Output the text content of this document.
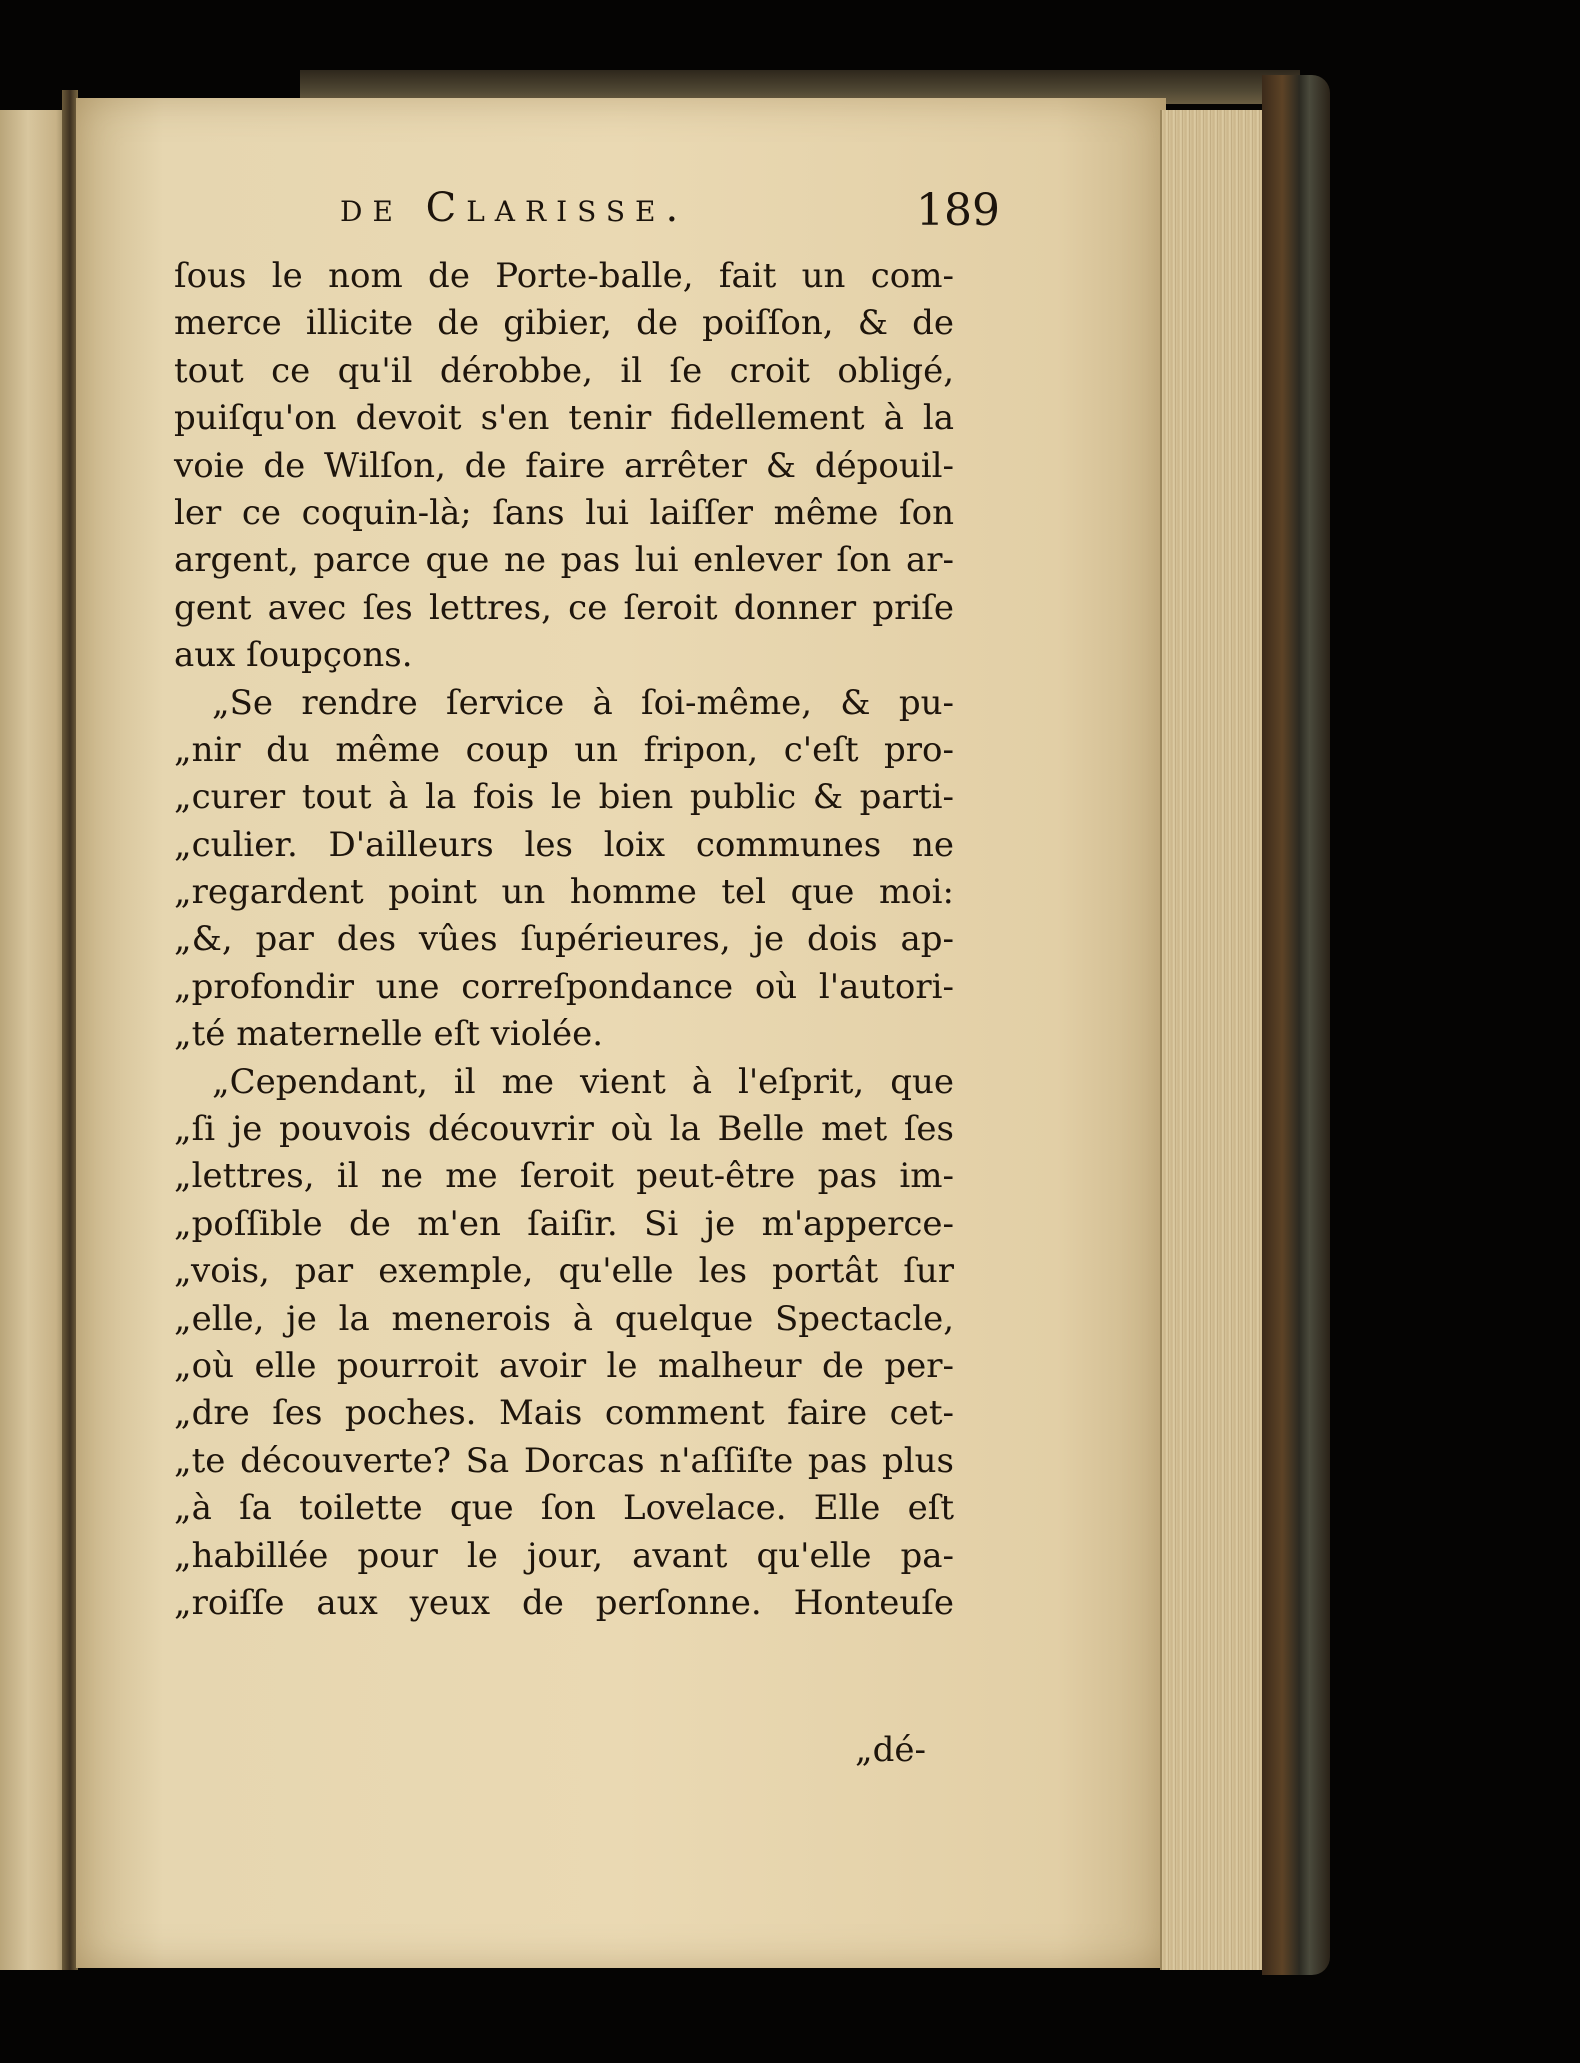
de Clarisse.	189
ſous le nom de Porte-balle, fait un com-
merce illicite de gibier, de poiſſon, & de
tout ce qu'il dérobbe, il ſe croit obligé,
puiſqu'on devoit s'en tenir fidellement à la
voie de Wilſon, de faire arrêter & dépouil-
ler ce coquin-là; ſans lui laiſſer même ſon
argent, parce que ne pas lui enlever ſon ar-
gent avec ſes lettres, ce ſeroit donner priſe
aux ſoupçons.
„Se rendre ſervice à ſoi-même, & pu-
„nir du même coup un fripon, c'eſt pro-
„curer tout à la fois le bien public & parti-
„culier. D'ailleurs les loix communes ne
„regardent point un homme tel que moi:
„&, par des vûes ſupérieures, je dois ap-
„profondir une correſpondance où l'autori-
„té maternelle eſt violée.
„Cependant, il me vient à l'eſprit, que
„ſi je pouvois découvrir où la Belle met ſes
„lettres, il ne me ſeroit peut-être pas im-
„poſſible de m'en ſaiſir. Si je m'apperce-
„vois, par exemple, qu'elle les portât ſur
„elle, je la menerois à quelque Spectacle,
„où elle pourroit avoir le malheur de per-
„dre ſes poches. Mais comment faire cet-
„te découverte? Sa Dorcas n'aſſiſte pas plus
„à ſa toilette que ſon Lovelace. Elle eſt
„habillée pour le jour, avant qu'elle pa-
„roiſſe aux yeux de perſonne. Honteuſe
„dé-
